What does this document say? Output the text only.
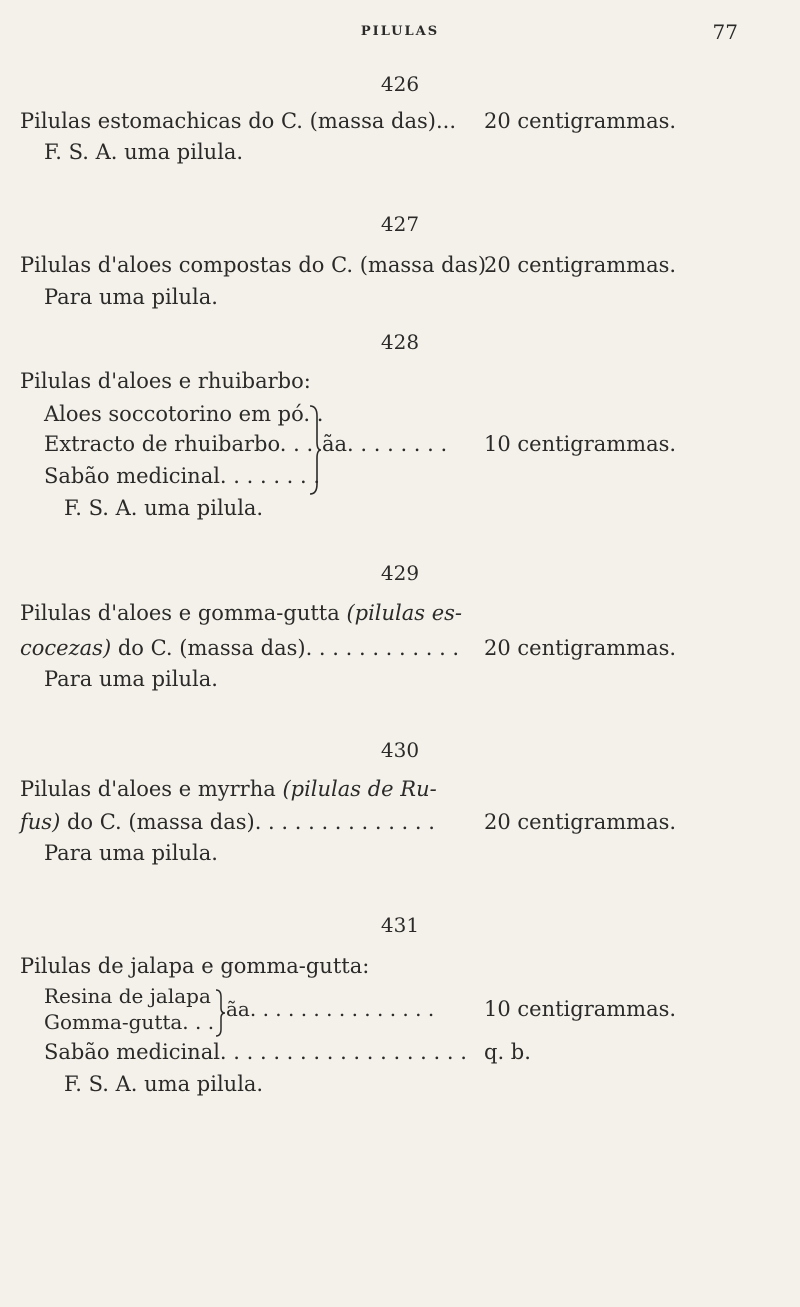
PILULAS	77
426
Pilulas estomachicas do C. (massa das)... 20 centigrammas.
F. S. A. uma pilula.
427
Pilulas d'aloes compostas do C. (massa das)
20 centigrammas.
Para uma pilula.
428
Pilulas d'aloes e rhuibarbo:
Aloes soccotorino em pó. .
Extracto de rhuibarbo. . . ãa. . . . . . . . 10 centigrammas.
Sabão medicinal. . . . . . . .
F. S. A. uma pilula.
429
Pilulas d'aloes e gomma-gutta (pilulas es-
cocezas) do C. (massa das). . . . . . . . . . . . 20 centigrammas.
Para uma pilula.
430
Pilulas d'aloes e myrrha (pilulas de Ru-
fus) do C. (massa das). . . . . . . . . . . . . . 20 centigrammas.
Para uma pilula.
431
Pilulas de jalapa e gomma-gutta:
Resina de jalapa
Gomma-gutta. . .
ãa. . . . . . . . . . . . . . . 10 centigrammas.
Sabão medicinal. . . . . . . . . . . . . . . . . . . q. b.
F. S. A. uma pilula.
